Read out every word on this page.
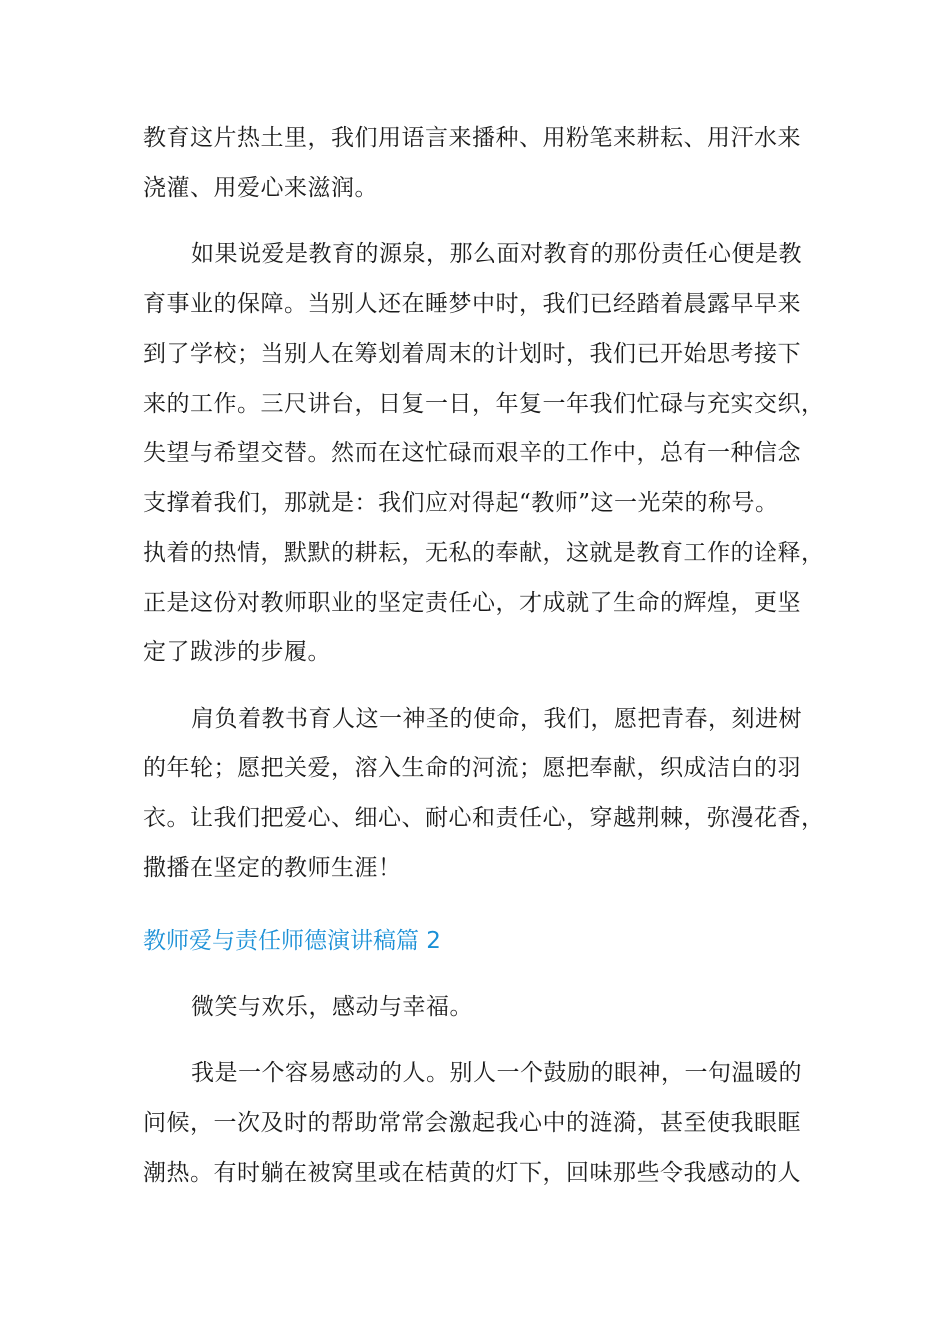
教育这片热土里，我们用语言来播种、用粉笔来耕耘、用汗水来
浇灌、用爱心来滋润。
如果说爱是教育的源泉，那么面对教育的那份责任心便是教
育事业的保障。当别人还在睡梦中时，我们已经踏着晨露早早来
到了学校；当别人在筹划着周末的计划时，我们已开始思考接下
来的工作。三尺讲台，日复一日，年复一年我们忙碌与充实交织，
失望与希望交替。然而在这忙碌而艰辛的工作中，总有一种信念
支撑着我们，那就是：我们应对得起“教师”这一光荣的称号。
执着的热情，默默的耕耘，无私的奉献，这就是教育工作的诠释，
正是这份对教师职业的坚定责任心，才成就了生命的辉煌，更坚
定了跋涉的步履。
肩负着教书育人这一神圣的使命，我们，愿把青春，刻进树
的年轮；愿把关爱，溶入生命的河流；愿把奉献，织成洁白的羽
衣。让我们把爱心、细心、耐心和责任心，穿越荆棘，弥漫花香，
撒播在坚定的教师生涯！
教师爱与责任师德演讲稿篇 2
微笑与欢乐，感动与幸福。
我是一个容易感动的人。别人一个鼓励的眼神，一句温暖的
问候，一次及时的帮助常常会激起我心中的涟漪，甚至使我眼眶
潮热。有时躺在被窝里或在桔黄的灯下，回味那些令我感动的人
